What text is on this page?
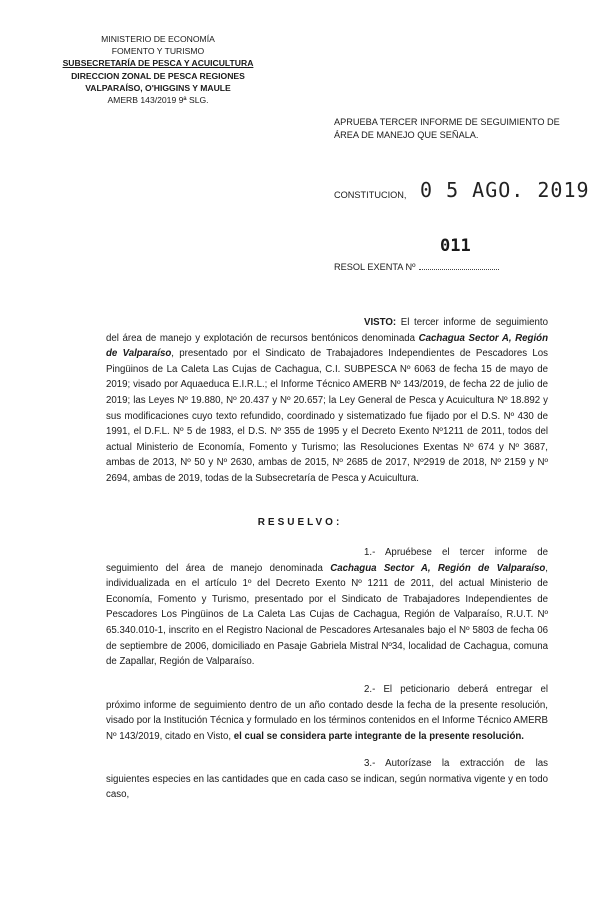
MINISTERIO DE ECONOMÍA
FOMENTO Y TURISMO
SUBSECRETARÍA DE PESCA Y ACUICULTURA
DIRECCION ZONAL DE PESCA REGIONES
VALPARAÍSO, O'HIGGINS Y MAULE
AMERB 143/2019 9ª SLG.
APRUEBA TERCER INFORME DE SEGUIMIENTO DE ÁREA DE MANEJO QUE SEÑALA.
CONSTITUCION, 0 5 AGO. 2019
011
RESOL EXENTA Nº
VISTO: El tercer informe de seguimiento del área de manejo y explotación de recursos bentónicos denominada Cachagua Sector A, Región de Valparaíso, presentado por el Sindicato de Trabajadores Independientes de Pescadores Los Pingüinos de La Caleta Las Cujas de Cachagua, C.I. SUBPESCA Nº 6063 de fecha 15 de mayo de 2019; visado por Aquaeduca E.I.R.L.; el Informe Técnico AMERB Nº 143/2019, de fecha 22 de julio de 2019; las Leyes Nº 19.880, Nº 20.437 y Nº 20.657; la Ley General de Pesca y Acuicultura Nº 18.892 y sus modificaciones cuyo texto refundido, coordinado y sistematizado fue fijado por el D.S. Nº 430 de 1991, el D.F.L. Nº 5 de 1983, el D.S. Nº 355 de 1995 y el Decreto Exento Nº1211 de 2011, todos del actual Ministerio de Economía, Fomento y Turismo; las Resoluciones Exentas Nº 674 y Nº 3687, ambas de 2013, Nº 50 y Nº 2630, ambas de 2015, Nº 2685 de 2017, Nº2919 de 2018, Nº 2159 y Nº 2694, ambas de 2019, todas de la Subsecretaría de Pesca y Acuicultura.
RESUELVO:
1.- Apruébese el tercer informe de seguimiento del área de manejo denominada Cachagua Sector A, Región de Valparaíso, individualizada en el artículo 1º del Decreto Exento Nº 1211 de 2011, del actual Ministerio de Economía, Fomento y Turismo, presentado por el Sindicato de Trabajadores Independientes de Pescadores Los Pingüinos de La Caleta Las Cujas de Cachagua, Región de Valparaíso, R.U.T. Nº 65.340.010-1, inscrito en el Registro Nacional de Pescadores Artesanales bajo el Nº 5803 de fecha 06 de septiembre de 2006, domiciliado en Pasaje Gabriela Mistral Nº34, localidad de Cachagua, comuna de Zapallar, Región de Valparaíso.
2.- El peticionario deberá entregar el próximo informe de seguimiento dentro de un año contado desde la fecha de la presente resolución, visado por la Institución Técnica y formulado en los términos contenidos en el Informe Técnico AMERB Nº 143/2019, citado en Visto, el cual se considera parte integrante de la presente resolución.
3.- Autorízase la extracción de las siguientes especies en las cantidades que en cada caso se indican, según normativa vigente y en todo caso,
